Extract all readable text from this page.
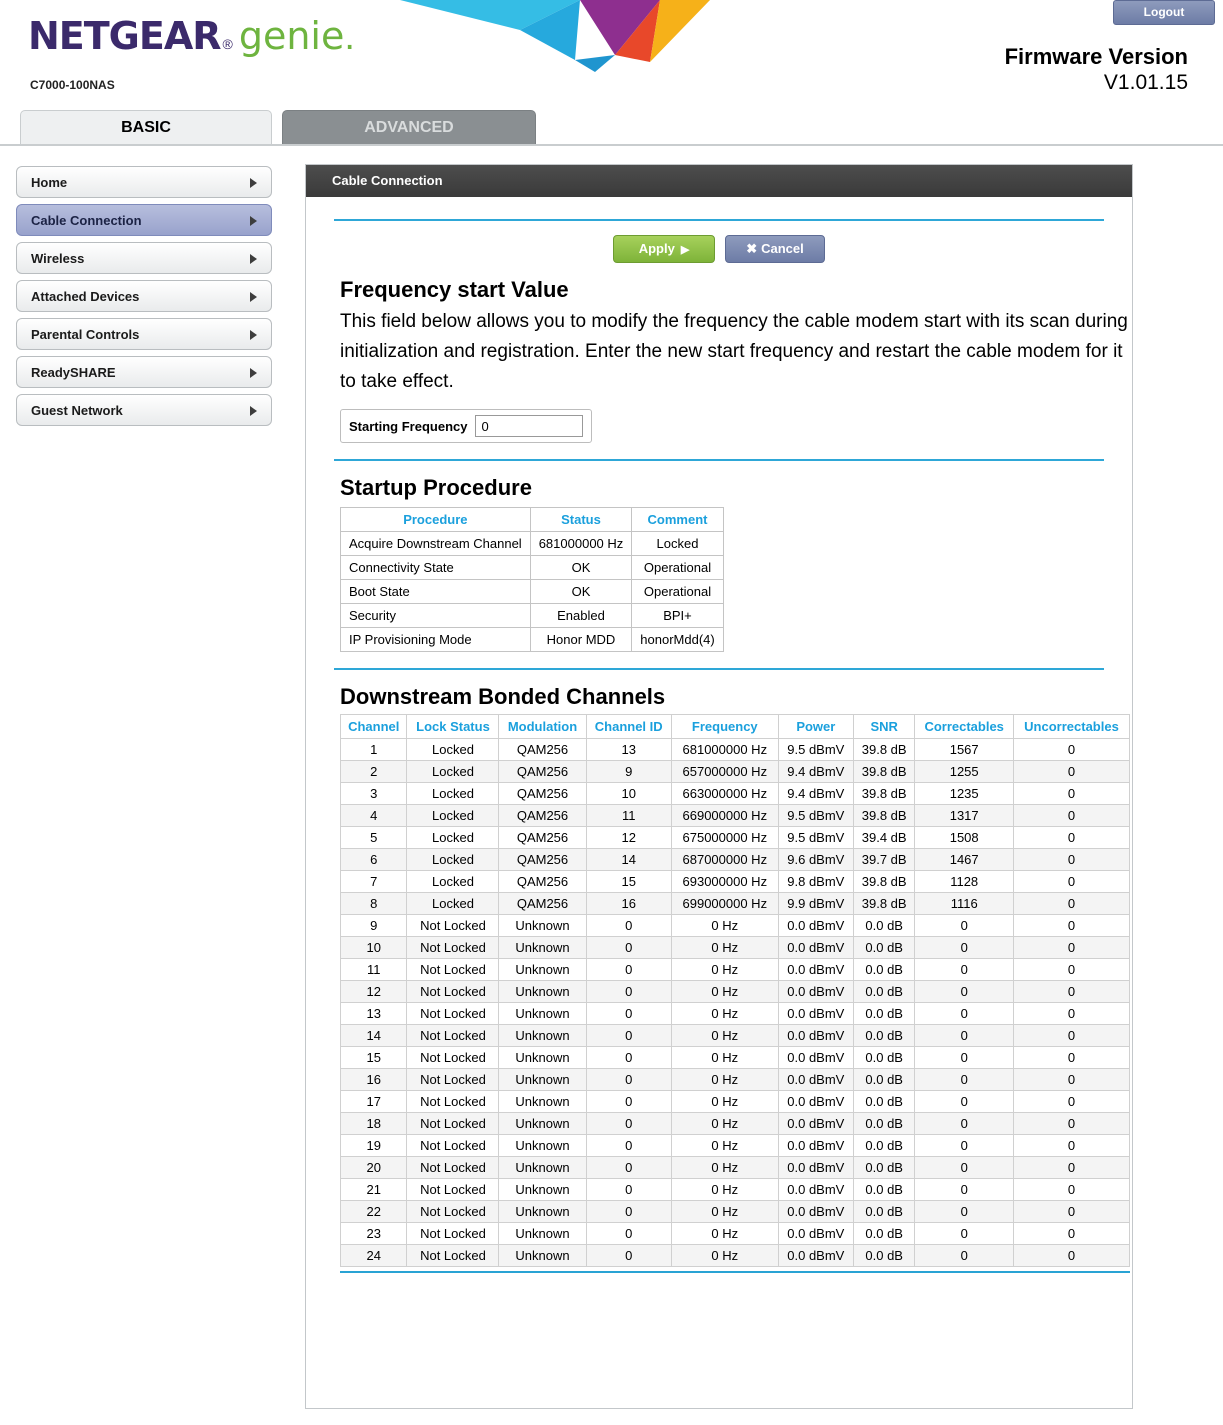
Logout
NETGEAR ® genie .
C7000-100NAS
Firmware Version
V1.01.15
BASIC	ADVANCED
Home
Cable Connection
Wireless
Attached Devices
Parental Controls
ReadySHARE
Guest Network
Cable Connection
Apply ▶	✖ Cancel
Frequency start Value
This field below allows you to modify the frequency the cable modem start with its scan during initialization and registration. Enter the new start frequency and restart the cable modem for it to take effect.
Starting Frequency
0
Startup Procedure
Procedure	Status	Comment
Acquire Downstream Channel	681000000 Hz	Locked
Connectivity State	OK	Operational
Boot State	OK	Operational
Security	Enabled	BPI+
IP Provisioning Mode	Honor MDD	honorMdd(4)
Downstream Bonded Channels
Channel	Lock Status	Modulation	Channel ID	Frequency	Power	SNR	Correctables	Uncorrectables
1	Locked	QAM256	13	681000000 Hz	9.5 dBmV	39.8 dB	1567	0
2	Locked	QAM256	9	657000000 Hz	9.4 dBmV	39.8 dB	1255	0
3	Locked	QAM256	10	663000000 Hz	9.4 dBmV	39.8 dB	1235	0
4	Locked	QAM256	11	669000000 Hz	9.5 dBmV	39.8 dB	1317	0
5	Locked	QAM256	12	675000000 Hz	9.5 dBmV	39.4 dB	1508	0
6	Locked	QAM256	14	687000000 Hz	9.6 dBmV	39.7 dB	1467	0
7	Locked	QAM256	15	693000000 Hz	9.8 dBmV	39.8 dB	1128	0
8	Locked	QAM256	16	699000000 Hz	9.9 dBmV	39.8 dB	1116	0
9	Not Locked	Unknown	0	0 Hz	0.0 dBmV	0.0 dB	0	0
10	Not Locked	Unknown	0	0 Hz	0.0 dBmV	0.0 dB	0	0
11	Not Locked	Unknown	0	0 Hz	0.0 dBmV	0.0 dB	0	0
12	Not Locked	Unknown	0	0 Hz	0.0 dBmV	0.0 dB	0	0
13	Not Locked	Unknown	0	0 Hz	0.0 dBmV	0.0 dB	0	0
14	Not Locked	Unknown	0	0 Hz	0.0 dBmV	0.0 dB	0	0
15	Not Locked	Unknown	0	0 Hz	0.0 dBmV	0.0 dB	0	0
16	Not Locked	Unknown	0	0 Hz	0.0 dBmV	0.0 dB	0	0
17	Not Locked	Unknown	0	0 Hz	0.0 dBmV	0.0 dB	0	0
18	Not Locked	Unknown	0	0 Hz	0.0 dBmV	0.0 dB	0	0
19	Not Locked	Unknown	0	0 Hz	0.0 dBmV	0.0 dB	0	0
20	Not Locked	Unknown	0	0 Hz	0.0 dBmV	0.0 dB	0	0
21	Not Locked	Unknown	0	0 Hz	0.0 dBmV	0.0 dB	0	0
22	Not Locked	Unknown	0	0 Hz	0.0 dBmV	0.0 dB	0	0
23	Not Locked	Unknown	0	0 Hz	0.0 dBmV	0.0 dB	0	0
24	Not Locked	Unknown	0	0 Hz	0.0 dBmV	0.0 dB	0	0
